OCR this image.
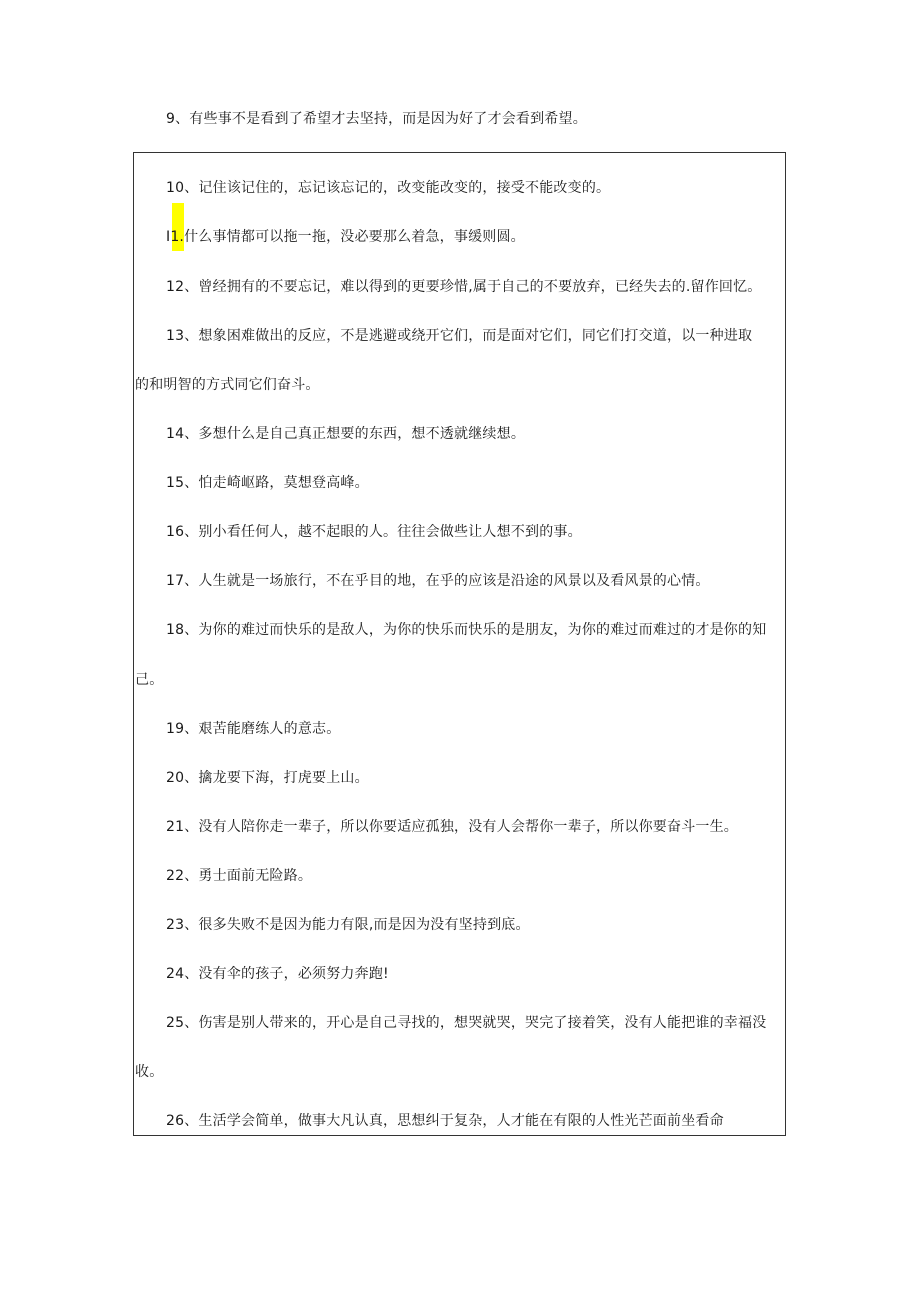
9、有些事不是看到了希望才去坚持，而是因为好了才会看到希望。
10、记住该记住的，忘记该忘记的，改变能改变的，接受不能改变的。
I1.什么事情都可以拖一拖，没必要那么着急，事缓则圆。
12、曾经拥有的不要忘记，难以得到的更要珍惜,属于自己的不要放弃，已经失去的.留作回忆。
13、想象困难做出的反应，不是逃避或绕开它们，而是面对它们，同它们打交道，以一种进取
的和明智的方式同它们奋斗。
14、多想什么是自己真正想要的东西，想不透就继续想。
15、怕走崎岖路，莫想登高峰。
16、别小看任何人，越不起眼的人。往往会做些让人想不到的事。
17、人生就是一场旅行，不在乎目的地，在乎的应该是沿途的风景以及看风景的心情。
18、为你的难过而快乐的是敌人，为你的快乐而快乐的是朋友，为你的难过而难过的才是你的知
己。
19、艰苦能磨练人的意志。
20、擒龙要下海，打虎要上山。
21、没有人陪你走一辈子，所以你要适应孤独，没有人会帮你一辈子，所以你要奋斗一生。
22、勇士面前无险路。
23、很多失败不是因为能力有限,而是因为没有坚持到底。
24、没有伞的孩子，必须努力奔跑!
25、伤害是别人带来的，开心是自己寻找的，想哭就哭，哭完了接着笑，没有人能把谁的幸福没
收。
26、生活学会简单，做事大凡认真，思想纠于复杂，人才能在有限的人性光芒面前坐看命
